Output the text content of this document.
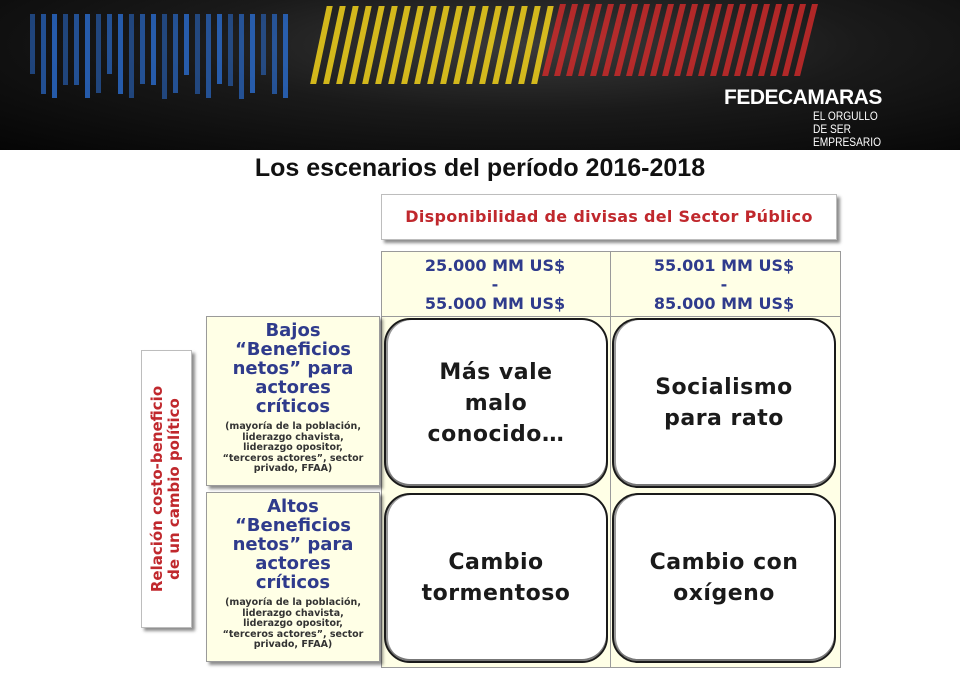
FEDECAMARAS
EL ORGULLO DE SER EMPRESARIO
Los escenarios del período 2016-2018
Disponibilidad de divisas del Sector Público
25.000 MM US$
-
55.000 MM US$
55.001 MM US$
-
85.000 MM US$
Relación costo-beneficio de un cambio político
Bajos
“Beneficios
netos” para
actores
críticos
(mayoría de la población,
liderazgo chavista,
liderazgo opositor,
“terceros actores”, sector
privado, FFAA)
Altos
“Beneficios
netos” para
actores
críticos
(mayoría de la población,
liderazgo chavista,
liderazgo opositor,
“terceros actores”, sector
privado, FFAA)
Más vale
malo
conocido…
Socialismo
para rato
Cambio
tormentoso
Cambio con
oxígeno
